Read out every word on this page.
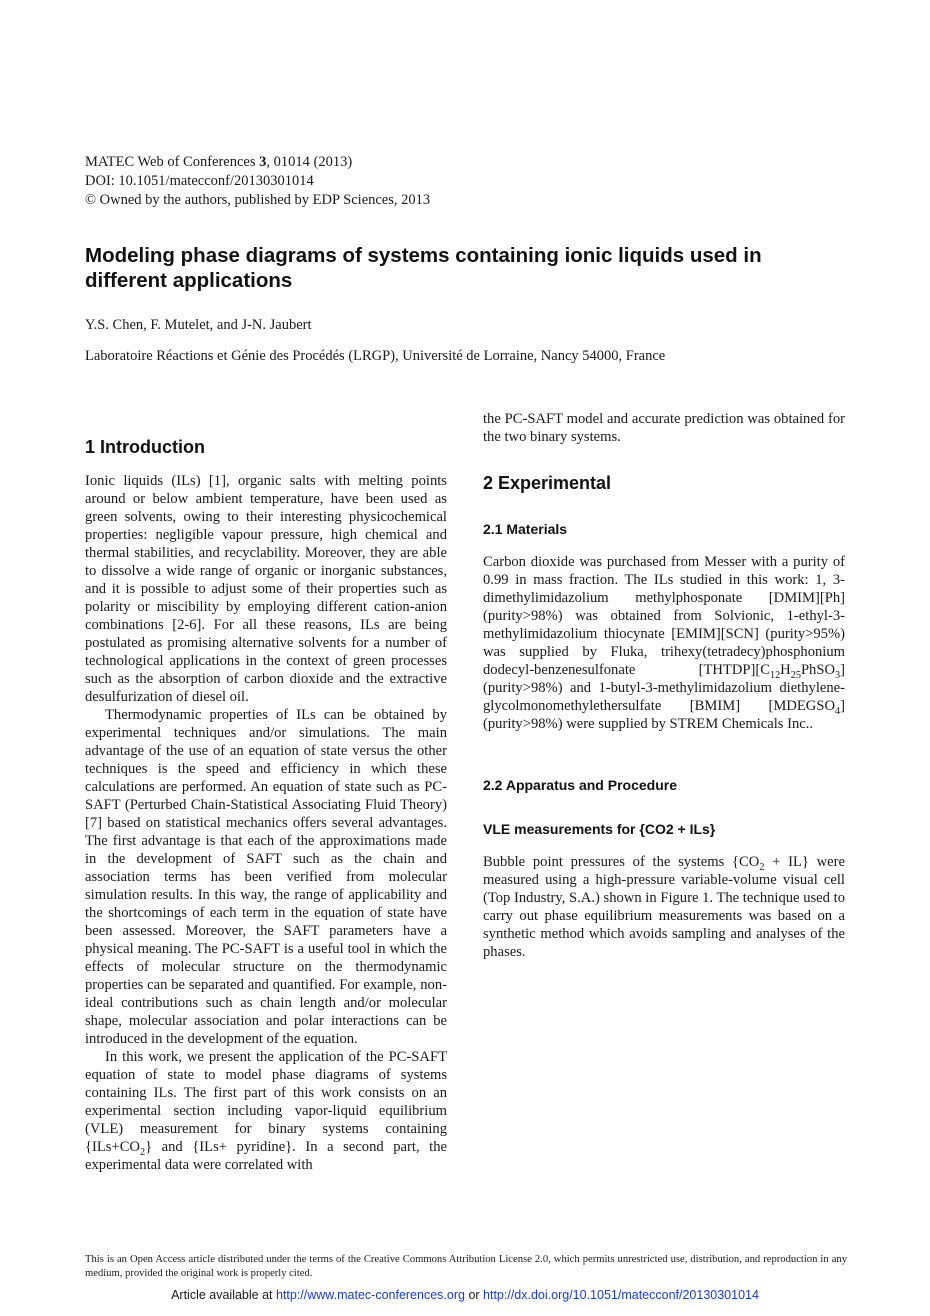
MATEC Web of Conferences 3, 01014 (2013)
DOI: 10.1051/matecconf/20130301014
© Owned by the authors, published by EDP Sciences, 2013
Modeling phase diagrams of systems containing ionic liquids used in different applications
Y.S. Chen, F. Mutelet, and J-N. Jaubert
Laboratoire Réactions et Génie des Procédés (LRGP), Université de Lorraine, Nancy 54000, France
1 Introduction

Ionic liquids (ILs) [1], organic salts with melting points around or below ambient temperature, have been used as green solvents, owing to their interesting physicochemical properties: negligible vapour pressure, high chemical and thermal stabilities, and recyclability. Moreover, they are able to dissolve a wide range of organic or inorganic substances, and it is possible to adjust some of their properties such as polarity or miscibility by employing different cation-anion combinations [2-6]. For all these reasons, ILs are being postulated as promising alternative solvents for a number of technological applications in the context of green processes such as the absorption of carbon dioxide and the extractive desulfurization of diesel oil.

Thermodynamic properties of ILs can be obtained by experimental techniques and/or simulations. The main advantage of the use of an equation of state versus the other techniques is the speed and efficiency in which these calculations are performed. An equation of state such as PC-SAFT (Perturbed Chain-Statistical Associating Fluid Theory) [7] based on statistical mechanics offers several advantages. The first advantage is that each of the approximations made in the development of SAFT such as the chain and association terms has been verified from molecular simulation results. In this way, the range of applicability and the shortcomings of each term in the equation of state have been assessed. Moreover, the SAFT parameters have a physical meaning. The PC-SAFT is a useful tool in which the effects of molecular structure on the thermodynamic properties can be separated and quantified. For example, non-ideal contributions such as chain length and/or molecular shape, molecular association and polar interactions can be introduced in the development of the equation.

In this work, we present the application of the PC-SAFT equation of state to model phase diagrams of systems containing ILs. The first part of this work consists on an experimental section including vapor-liquid equilibrium (VLE) measurement for binary systems containing $\{ILs+CO_2\}$ and {ILs+ pyridine}. In a second part, the experimental data were correlated with

the PC-SAFT model and accurate prediction was obtained for the two binary systems.
2 Experimental
2.1 Materials
Carbon dioxide was purchased from Messer with a purity of 0.99 in mass fraction. The ILs studied in this work: 1, 3-dimethylimidazolium methylphosponate [DMIM][Ph] (purity>98%) was obtained from Solvionic, 1-ethyl-3-methylimidazolium thiocynate [EMIM][SCN] (purity>95%) was supplied by Fluka, trihexy(tetradecy)phosphonium dodecyl-benzenesulfonate $[THTDP][C_{12}H_{25}PhSO_3]$ (purity>98%) and 1-butyl-3-methylimidazolium diethylene-glycolmonomethylethersulfate [BMIM] $[MDEGSO_4]$ (purity>98%) were supplied by STREM Chemicals Inc..
2.2 Apparatus and Procedure
VLE measurements for {CO2 + ILs}
Bubble point pressures of the systems $\{CO_2 + IL\}$ were measured using a high-pressure variable-volume visual cell (Top Industry, S.A.) shown in Figure 1. The technique used to carry out phase equilibrium measurements was based on a synthetic method which avoids sampling and analyses of the phases.
This is an Open Access article distributed under the terms of the Creative Commons Attribution License 2.0, which permits unrestricted use, distribution, and reproduction in any medium, provided the original work is properly cited.
Article available at http://www.matec-conferences.org or http://dx.doi.org/10.1051/matecconf/20130301014
